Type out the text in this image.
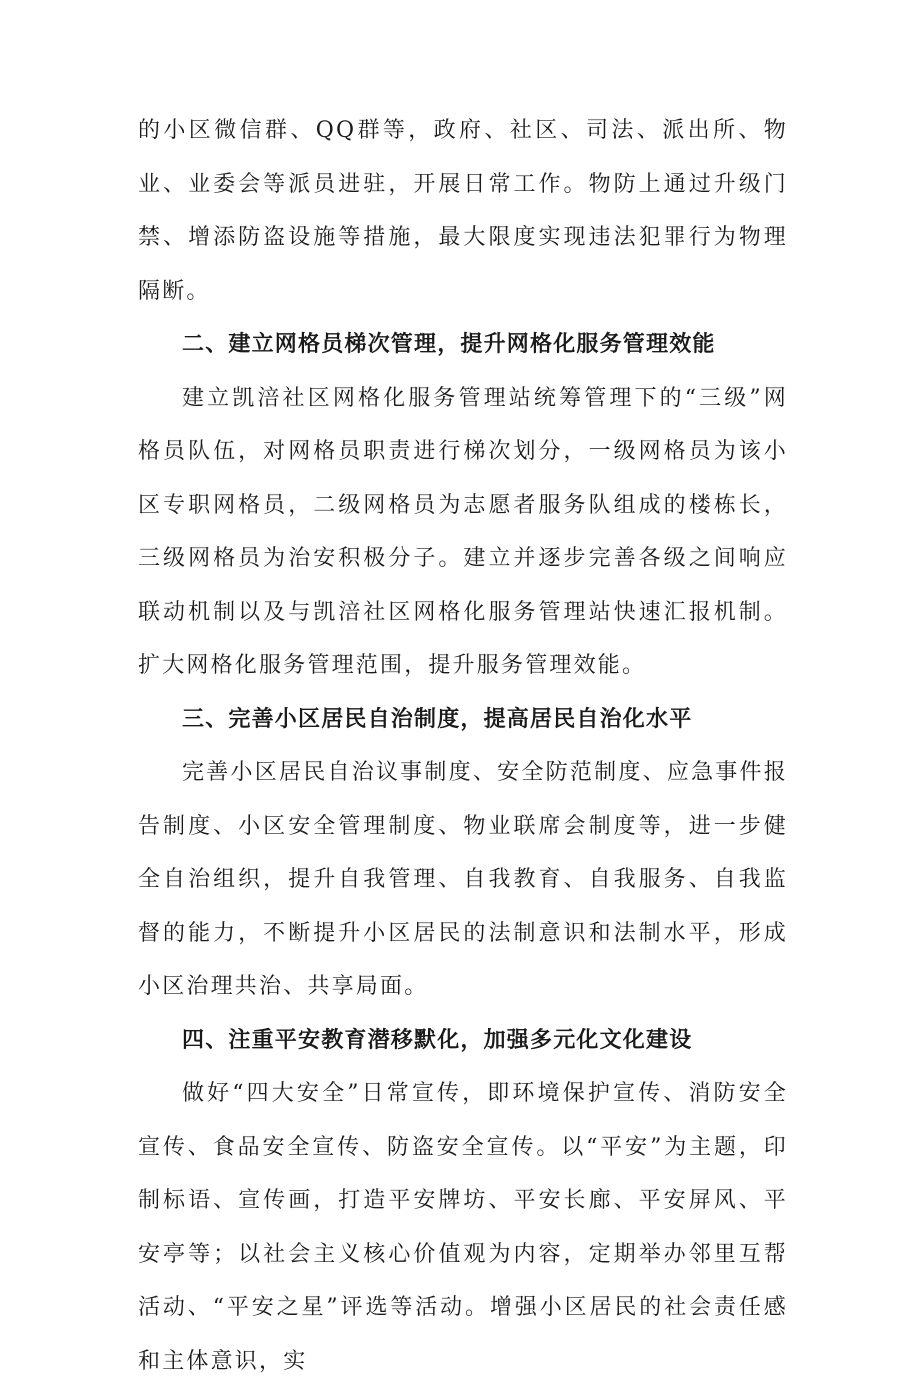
的小区微信群、QQ群等，政府、社区、司法、派出所、物业、业委会等派员进驻，开展日常工作。物防上通过升级门禁、增添防盗设施等措施，最大限度实现违法犯罪行为物理隔断。

二、建立网格员梯次管理，提升网格化服务管理效能

建立凯涪社区网格化服务管理站统筹管理下的“三级”网格员队伍，对网格员职责进行梯次划分，一级网格员为该小区专职网格员，二级网格员为志愿者服务队组成的楼栋长，三级网格员为治安积极分子。建立并逐步完善各级之间响应联动机制以及与凯涪社区网格化服务管理站快速汇报机制。扩大网格化服务管理范围，提升服务管理效能。

三、完善小区居民自治制度，提高居民自治化水平

完善小区居民自治议事制度、安全防范制度、应急事件报告制度、小区安全管理制度、物业联席会制度等，进一步健全自治组织，提升自我管理、自我教育、自我服务、自我监督的能力，不断提升小区居民的法制意识和法制水平，形成小区治理共治、共享局面。

四、注重平安教育潜移默化，加强多元化文化建设

做好“四大安全”日常宣传，即环境保护宣传、消防安全宣传、食品安全宣传、防盗安全宣传。以“平安”为主题，印制标语、宣传画，打造平安牌坊、平安长廊、平安屏风、平安亭等；以社会主义核心价值观为内容，定期举办邻里互帮活动、“平安之星”评选等活动。增强小区居民的社会责任感和主体意识，实
